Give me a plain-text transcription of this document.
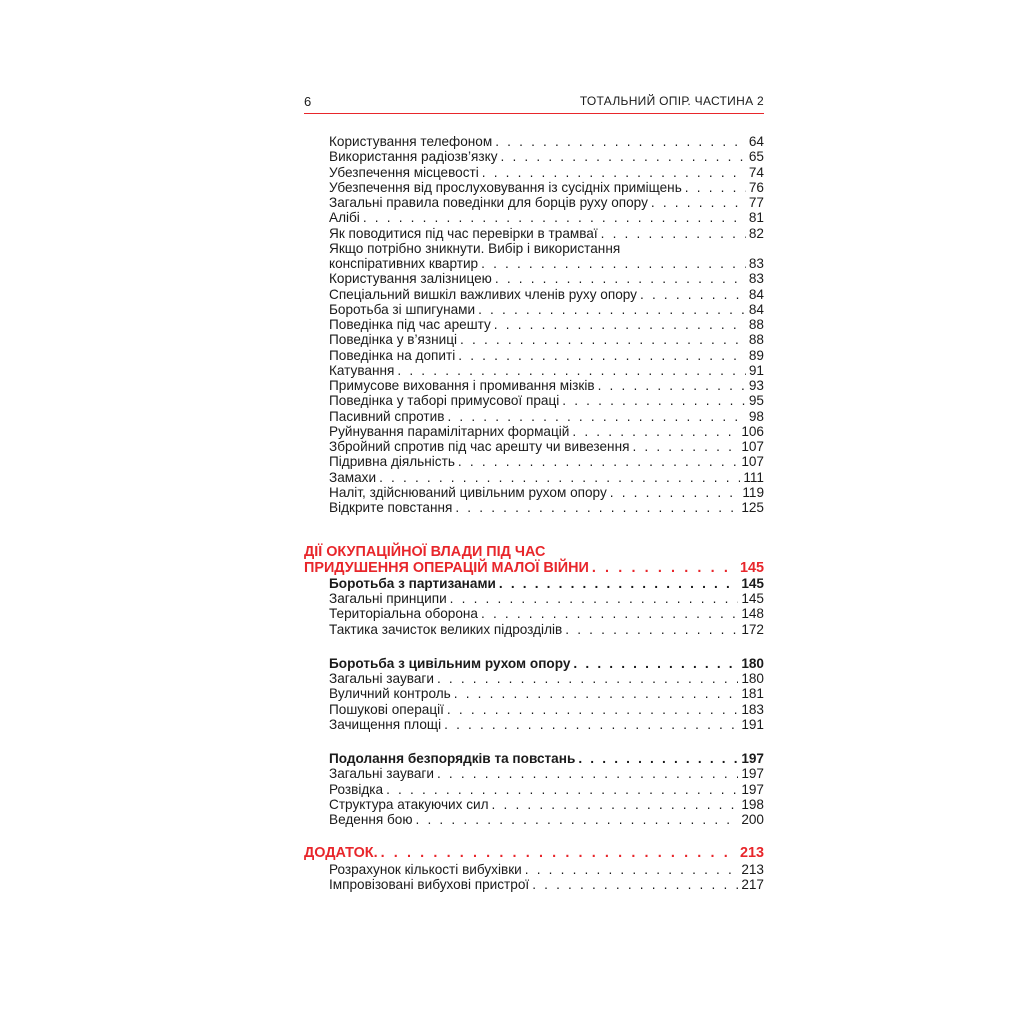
6	ТОТАЛЬНИЙ ОПІР. ЧАСТИНА 2
Користування телефоном . . .	64
Використання радіозв’язку . . .	65
Убезпечення місцевості . . .	74
Убезпечення від прослуховування із сусідніх приміщень . . .	76
Загальні правила поведінки для борців руху опору . . .	77
Алібі . . .	81
Як поводитися під час перевірки в трамваї . . .	82
Якщо потрібно зникнути. Вибір і використання
конспіративних квартир . . .	83
Користування залізницею . . .	83
Спеціальний вишкіл важливих членів руху опору . . .	84
Боротьба зі шпигунами . . .	84
Поведінка під час арешту . . .	88
Поведінка у в’язниці . . .	88
Поведінка на допиті . . .	89
Катування . . .	91
Примусове виховання і промивання мізків . . .	93
Поведінка у таборі примусової праці . . .	95
Пасивний спротив . . .	98
Руйнування парамілітарних формацій . . .	106
Збройний спротив під час арешту чи вивезення . . .	107
Підривна діяльність . . .	107
Замахи . . .	111
Наліт, здійснюваний цивільним рухом опору . . .	119
Відкрите повстання . . .	125
ДІЇ ОКУПАЦІЙНОЇ ВЛАДИ ПІД ЧАС
ПРИДУШЕННЯ ОПЕРАЦІЙ МАЛОЇ ВІЙНИ . . .	145
Боротьба з партизанами . . .	145
Загальні принципи . . .	145
Територіальна оборона . . .	148
Тактика зачисток великих підрозділів . . .	172
Боротьба з цивільним рухом опору . . .	180
Загальні зауваги . . .	180
Вуличний контроль . . .	181
Пошукові операції . . .	183
Зачищення площі . . .	191
Подолання безпорядків та повстань . . .	197
Загальні зауваги . . .	197
Розвідка . . .	197
Структура атакуючих сил . . .	198
Ведення бою . . .	200
ДОДАТОК. . . .	213
Розрахунок кількості вибухівки . . .	213
Імпровізовані вибухові пристрої . . .	217
